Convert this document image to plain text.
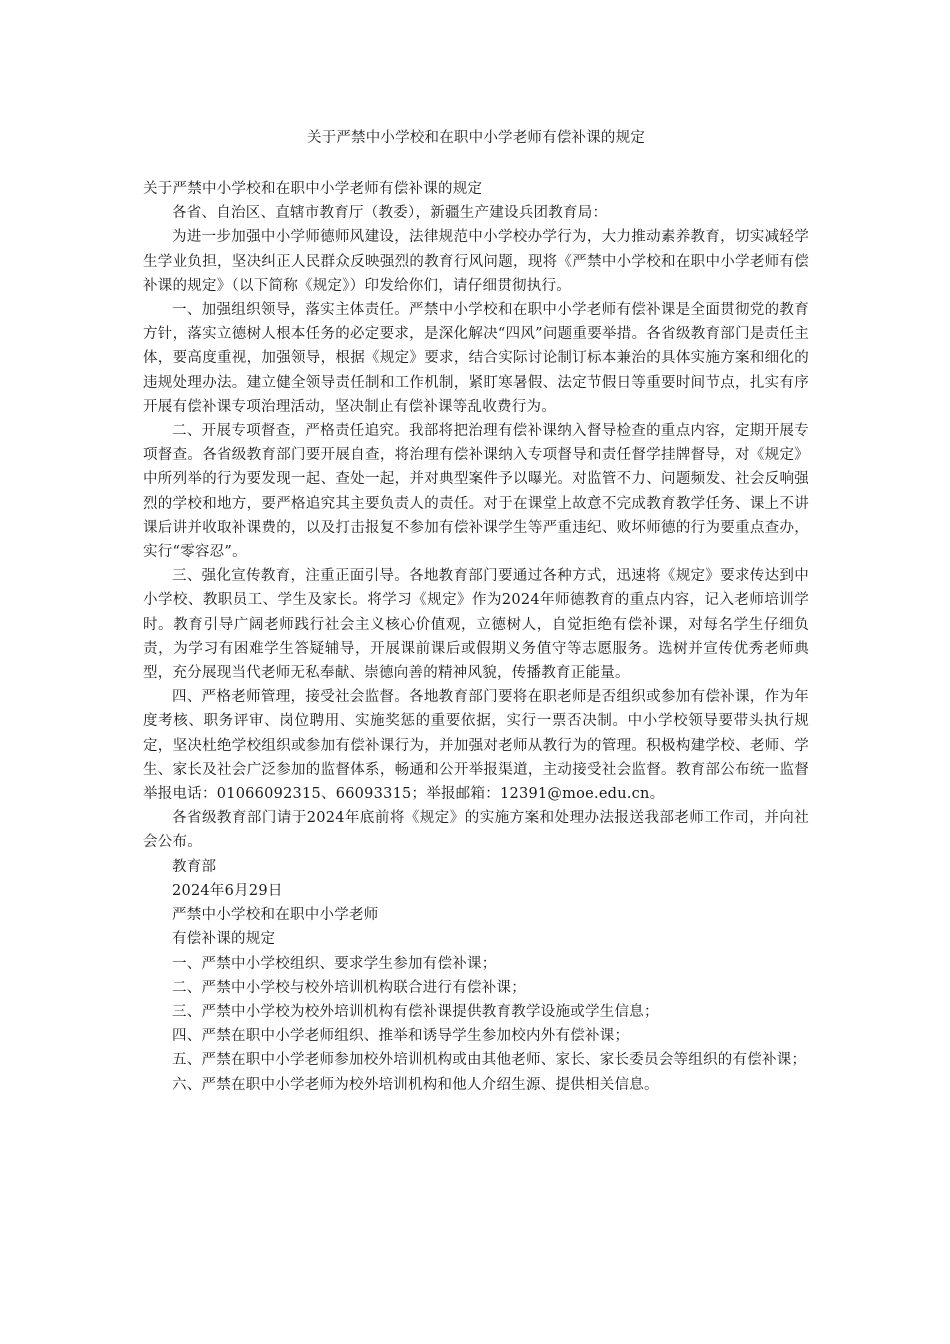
关于严禁中小学校和在职中小学老师有偿补课的规定

关于严禁中小学校和在职中小学老师有偿补课的规定

各省、自治区、直辖市教育厅（教委），新疆生产建设兵团教育局：

为进一步加强中小学师德师风建设，法律规范中小学校办学行为，大力推动素养教育，切实减轻学生学业负担，坚决纠正人民群众反映强烈的教育行风问题，现将《严禁中小学校和在职中小学老师有偿补课的规定》（以下简称《规定》）印发给你们，请仔细贯彻执行。

一、加强组织领导，落实主体责任。严禁中小学校和在职中小学老师有偿补课是全面贯彻党的教育方针，落实立德树人根本任务的必定要求，是深化解决“四风”问题重要举措。各省级教育部门是责任主体，要高度重视，加强领导，根据《规定》要求，结合实际讨论制订标本兼治的具体实施方案和细化的违规处理办法。建立健全领导责任制和工作机制，紧盯寒暑假、法定节假日等重要时间节点，扎实有序开展有偿补课专项治理活动，坚决制止有偿补课等乱收费行为。

二、开展专项督查，严格责任追究。我部将把治理有偿补课纳入督导检查的重点内容，定期开展专项督查。各省级教育部门要开展自查，将治理有偿补课纳入专项督导和责任督学挂牌督导，对《规定》中所列举的行为要发现一起、查处一起，并对典型案件予以曝光。对监管不力、问题频发、社会反响强烈的学校和地方，要严格追究其主要负责人的责任。对于在课堂上故意不完成教育教学任务、课上不讲课后讲并收取补课费的，以及打击报复不参加有偿补课学生等严重违纪、败坏师德的行为要重点查办，实行“零容忍”。

三、强化宣传教育，注重正面引导。各地教育部门要通过各种方式，迅速将《规定》要求传达到中小学校、教职员工、学生及家长。将学习《规定》作为2024年师德教育的重点内容，记入老师培训学时。教育引导广阔老师践行社会主义核心价值观，立德树人，自觉拒绝有偿补课，对每名学生仔细负责，为学习有困难学生答疑辅导，开展课前课后或假期义务值守等志愿服务。选树并宣传优秀老师典型，充分展现当代老师无私奉献、崇德向善的精神风貌，传播教育正能量。

四、严格老师管理，接受社会监督。各地教育部门要将在职老师是否组织或参加有偿补课，作为年度考核、职务评审、岗位聘用、实施奖惩的重要依据，实行一票否决制。中小学校领导要带头执行规定，坚决杜绝学校组织或参加有偿补课行为，并加强对老师从教行为的管理。积极构建学校、老师、学生、家长及社会广泛参加的监督体系，畅通和公开举报渠道，主动接受社会监督。教育部公布统一监督举报电话：01066092315、66093315；举报邮箱：12391@moe.edu.cn。

各省级教育部门请于2024年底前将《规定》的实施方案和处理办法报送我部老师工作司，并向社会公布。

教育部

2024年6月29日

严禁中小学校和在职中小学老师

有偿补课的规定

一、严禁中小学校组织、要求学生参加有偿补课；

二、严禁中小学校与校外培训机构联合进行有偿补课；

三、严禁中小学校为校外培训机构有偿补课提供教育教学设施或学生信息；

四、严禁在职中小学老师组织、推举和诱导学生参加校内外有偿补课；

五、严禁在职中小学老师参加校外培训机构或由其他老师、家长、家长委员会等组织的有偿补课；

六、严禁在职中小学老师为校外培训机构和他人介绍生源、提供相关信息。
